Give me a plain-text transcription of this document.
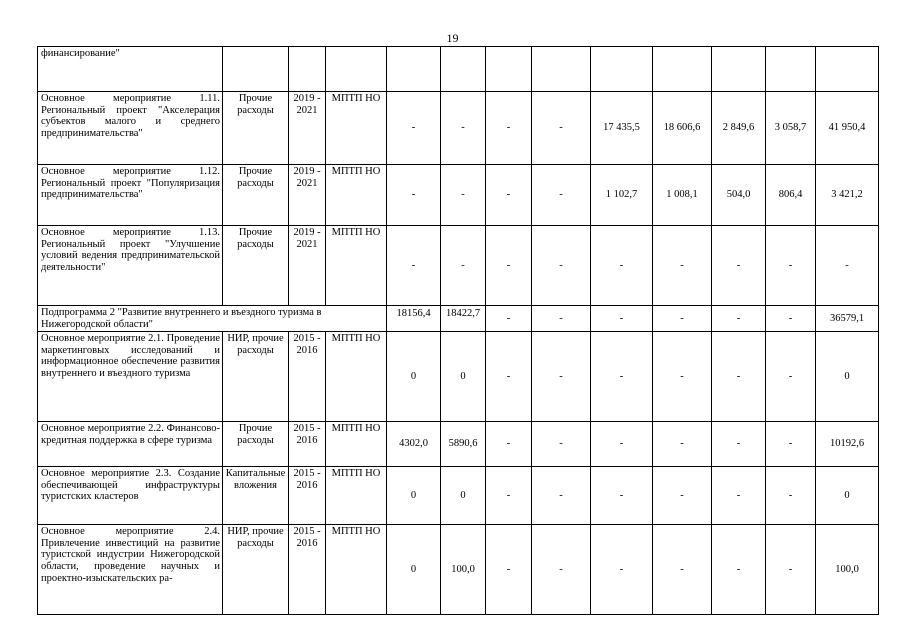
19
финансирование"												
Основное мероприятие 1.11. Региональный проект "Акселерация субъектов малого и среднего предпринимательства"	Прочие расходы	2019 - 2021	МПТП НО	-	-	-	-	17 435,5	18 606,6	2 849,6	3 058,7	41 950,4
Основное мероприятие 1.12. Региональный проект "Популяризация предпринимательства"	Прочие расходы	2019 - 2021	МПТП НО	-	-	-	-	1 102,7	1 008,1	504,0	806,4	3 421,2
Основное мероприятие 1.13. Региональный проект "Улучшение условий ведения предпринимательской деятельности"	Прочие расходы	2019 - 2021	МПТП НО	-	-	-	-	-	-	-	-	-
Подпрограмма 2 "Развитие внутреннего и въездного туризма в Нижегородской области"				18156,4	18422,7	-	-	-	-	-	-	36579,1
Основное мероприятие 2.1. Проведение маркетинговых исследований и информационное обеспечение развития внутреннего и въездного туризма	НИР, прочие расходы	2015 - 2016	МПТП НО	0	0	-	-	-	-	-	-	0
Основное мероприятие 2.2. Финансово-кредитная поддержка в сфере туризма	Прочие расходы	2015 - 2016	МПТП НО	4302,0	5890,6	-	-	-	-	-	-	10192,6
Основное мероприятие 2.3. Создание обеспечивающей инфраструктуры туристских кластеров	Капитальные вложения	2015 - 2016	МПТП НО	0	0	-	-	-	-	-	-	0
Основное мероприятие 2.4. Привлечение инвестиций на развитие туристской индустрии Нижегородской области, проведение научных и проектно-изыскательских ра-	НИР, прочие расходы	2015 - 2016	МПТП НО	0	100,0	-	-	-	-	-	-	100,0
